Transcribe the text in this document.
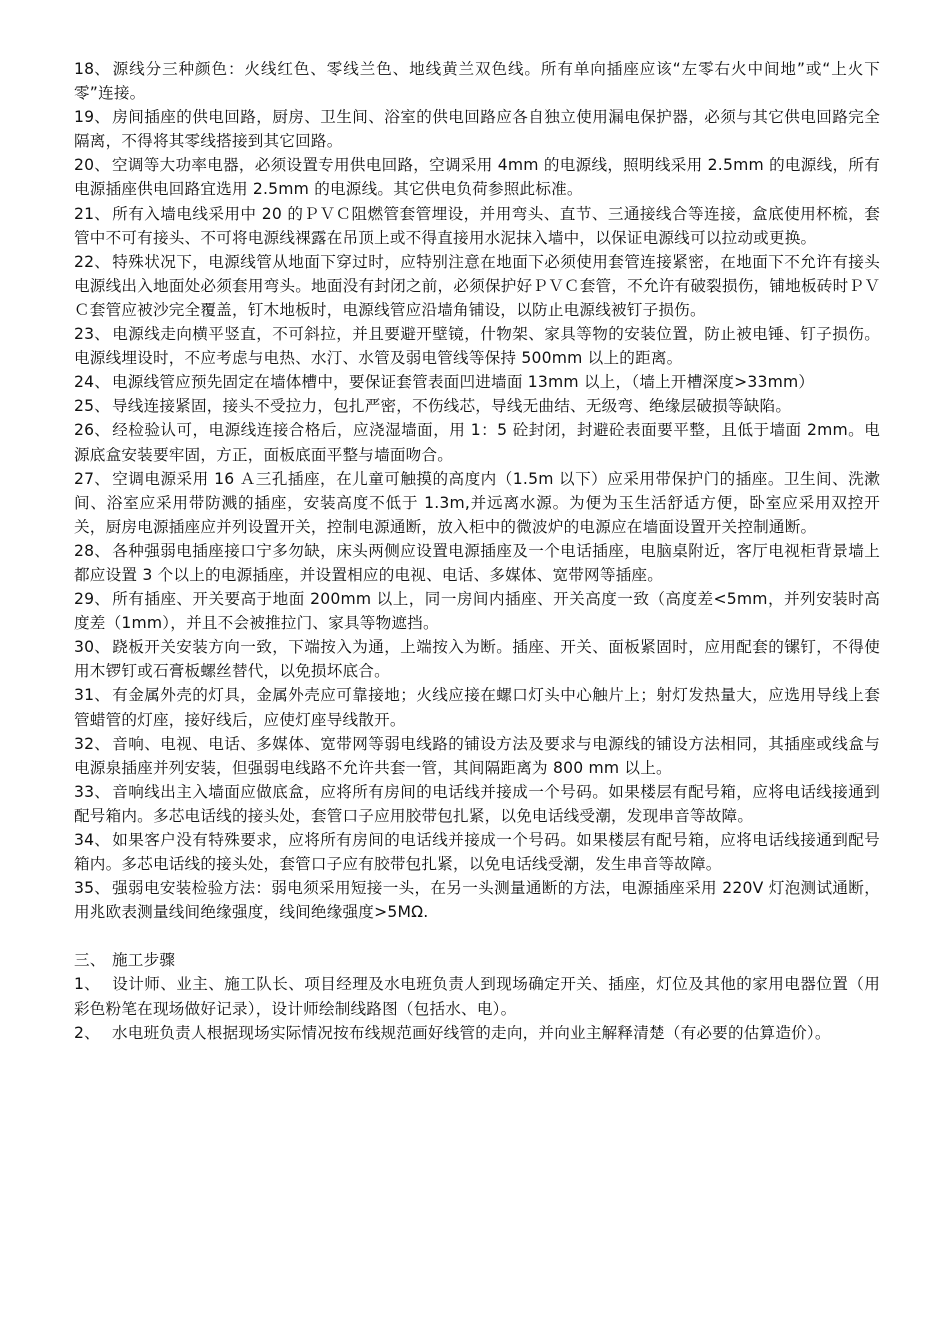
18、 源线分三种颜色：火线红色、零线兰色、地线黄兰双色线。所有单向插座应该“左零右火中间地”或“上火下零”连接。

19、 房间插座的供电回路，厨房、卫生间、浴室的供电回路应各自独立使用漏电保护器，必须与其它供电回路完全隔离，不得将其零线搭接到其它回路。

20、 空调等大功率电器，必须设置专用供电回路，空调采用 4mm 的电源线，照明线采用 2.5mm 的电源线，所有电源插座供电回路宜选用 2.5mm 的电源线。其它供电负荷参照此标准。

21、 所有入墙电线采用中 20 的ＰＶＣ阻燃管套管埋设，并用弯头、直节、三通接线合等连接，盒底使用杯梳，套管中不可有接头、不可将电源线裸露在吊顶上或不得直接用水泥抹入墙中，以保证电源线可以拉动或更换。

22、 特殊状况下，电源线管从地面下穿过时，应特别注意在地面下必须使用套管连接紧密，在地面下不允许有接头电源线出入地面处必须套用弯头。地面没有封闭之前，必须保护好ＰＶＣ套管，不允许有破裂损伤，铺地板砖时ＰＶＣ套管应被沙完全覆盖，钉木地板时，电源线管应沿墙角铺设，以防止电源线被钉子损伤。

23、 电源线走向横平竖直，不可斜拉，并且要避开壁镜，什物架、家具等物的安装位置，防止被电锤、钉子损伤。电源线埋设时，不应考虑与电热、水汀、水管及弱电管线等保持 500mm 以上的距离。

24、 电源线管应预先固定在墙体槽中，要保证套管表面凹进墙面 13mm 以上，（墙上开槽深度>33mm）

25、 导线连接紧固，接头不受拉力，包扎严密，不伤线芯，导线无曲结、无级弯、绝缘层破损等缺陷。

26、 经检验认可，电源线连接合格后，应浇湿墙面，用 1：5 砼封闭，封避砼表面要平整，且低于墙面 2mm。电源底盒安装要牢固，方正，面板底面平整与墙面吻合。

27、 空调电源采用 16 Ａ三孔插座，在儿童可触摸的高度内（1.5m 以下）应采用带保护门的插座。卫生间、洗漱间、浴室应采用带防溅的插座，安装高度不低于 1.3m,并远离水源。为便为玉生活舒适方便，卧室应采用双控开关，厨房电源插座应并列设置开关，控制电源通断，放入柜中的微波炉的电源应在墙面设置开关控制通断。

28、 各种强弱电插座接口宁多勿缺，床头两侧应设置电源插座及一个电话插座，电脑桌附近，客厅电视柜背景墙上都应设置 3 个以上的电源插座，并设置相应的电视、电话、多媒体、宽带网等插座。

29、 所有插座、开关要高于地面 200mm 以上，同一房间内插座、开关高度一致（高度差<5mm，并列安装时高度差（1mm），并且不会被推拉门、家具等物遮挡。

30、 跷板开关安装方向一致，下端按入为通，上端按入为断。插座、开关、面板紧固时，应用配套的镙钉，不得使用木锣钉或石膏板螺丝替代，以免损坏底合。

31、 有金属外壳的灯具，金属外壳应可靠接地；火线应接在螺口灯头中心触片上；射灯发热量大，应选用导线上套管蜡管的灯座，接好线后，应使灯座导线散开。

32、 音响、电视、电话、多媒体、宽带网等弱电线路的铺设方法及要求与电源线的铺设方法相同，其插座或线盒与电源泉插座并列安装，但强弱电线路不允许共套一管，其间隔距离为 800 mm 以上。

33、 音响线出主入墙面应做底盒，应将所有房间的电话线并接成一个号码。如果楼层有配号箱，应将电话线接通到配号箱内。多芯电话线的接头处，套管口子应用胶带包扎紧，以免电话线受潮，发现串音等故障。

34、 如果客户没有特殊要求，应将所有房间的电话线并接成一个号码。如果楼层有配号箱，应将电话线接通到配号箱内。多芯电话线的接头处，套管口子应有胶带包扎紧，以免电话线受潮，发生串音等故障。

35、 强弱电安装检验方法：弱电须采用短接一头，在另一头测量通断的方法，电源插座采用 220V 灯泡测试通断，用兆欧表测量线间绝缘强度，线间绝缘强度>5MΩ.

三、 施工步骤

1、 设计师、业主、施工队长、项目经理及水电班负责人到现场确定开关、插座，灯位及其他的家用电器位置（用彩色粉笔在现场做好记录），设计师绘制线路图（包括水、电）。

2、 水电班负责人根据现场实际情况按布线规范画好线管的走向，并向业主解释清楚（有必要的估算造价）。
